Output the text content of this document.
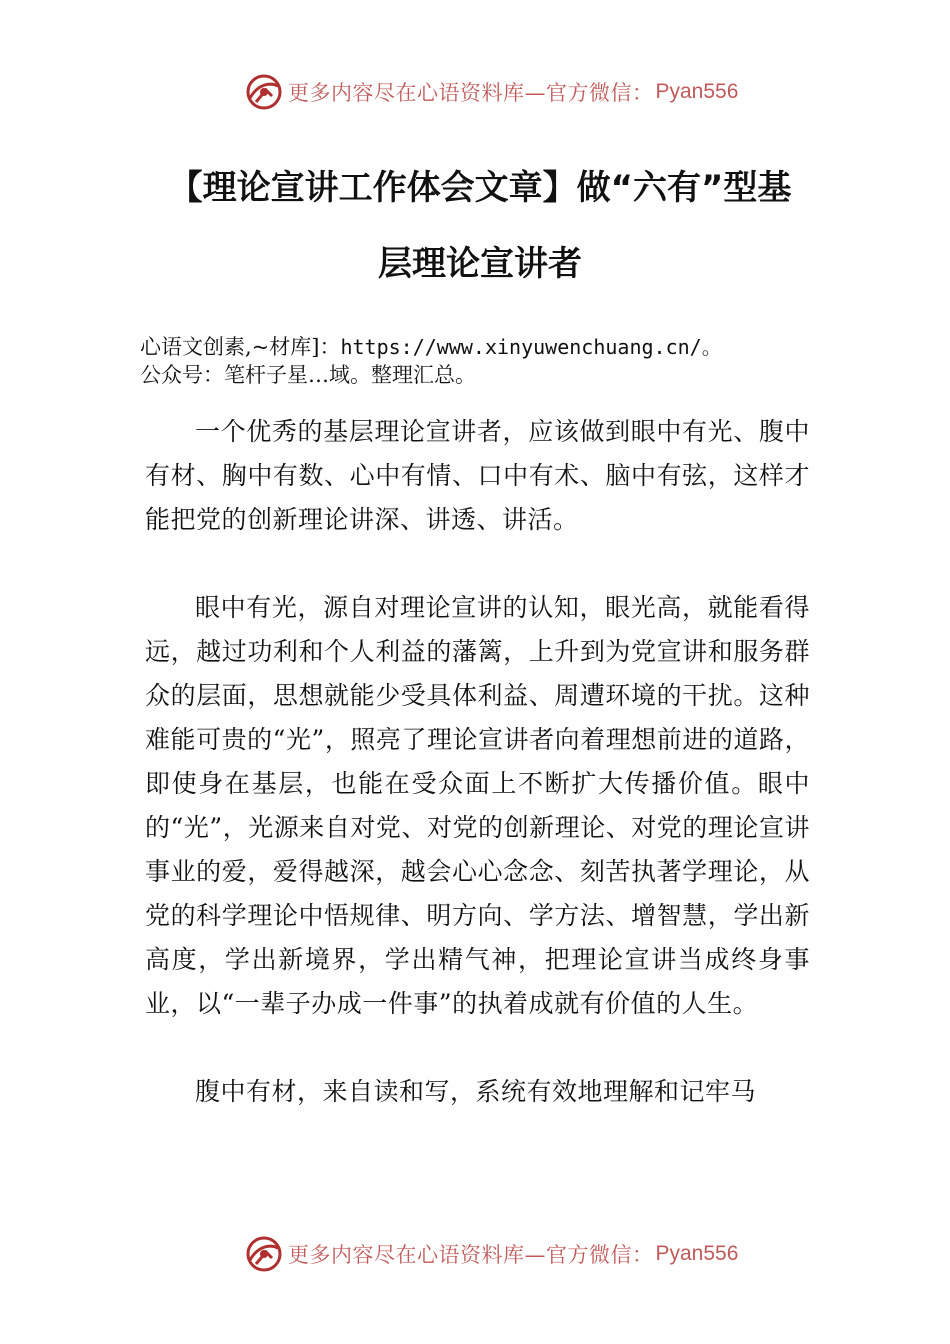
更多内容尽在心语资料库—官方微信： Pyan556
【理论宣讲工作体会文章】做“六有”型基
层理论宣讲者
心语文创素,~材库]：https://www.xinyuwenchuang.cn/。
公众号：笔杆子星…域。整理汇总。

一个优秀的基层理论宣讲者，应该做到眼中有光、腹中有材、胸中有数、心中有情、口中有术、脑中有弦，这样才能把党的创新理论讲深、讲透、讲活。

眼中有光，源自对理论宣讲的认知，眼光高，就能看得远，越过功利和个人利益的藩篱，上升到为党宣讲和服务群众的层面，思想就能少受具体利益、周遭环境的干扰。这种难能可贵的“光”，照亮了理论宣讲者向着理想前进的道路，即使身在基层，也能在受众面上不断扩大传播价值。眼中的“光”，光源来自对党、对党的创新理论、对党的理论宣讲事业的爱，爱得越深，越会心心念念、刻苦执著学理论，从党的科学理论中悟规律、明方向、学方法、增智慧，学出新高度，学出新境界，学出精气神，把理论宣讲当成终身事业，以“一辈子办成一件事”的执着成就有价值的人生。

腹中有材，来自读和写，系统有效地理解和记牢马

更多内容尽在心语资料库—官方微信： Pyan556
